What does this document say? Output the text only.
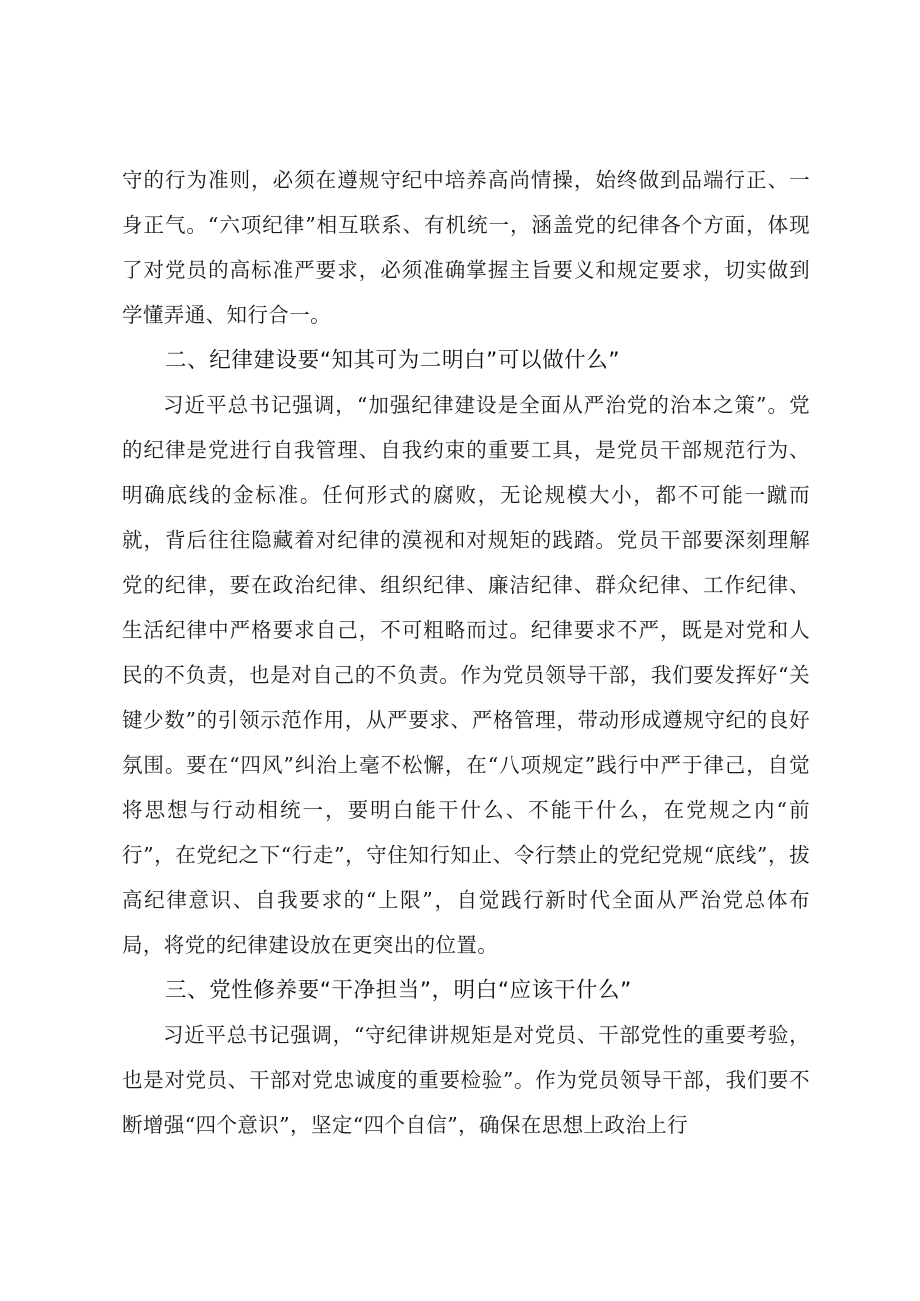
守的行为准则，必须在遵规守纪中培养高尚情操，始终做到品端行正、一身正气。“六项纪律”相互联系、有机统一，涵盖党的纪律各个方面，体现了对党员的高标准严要求，必须准确掌握主旨要义和规定要求，切实做到学懂弄通、知行合一。

二、纪律建设要“知其可为二明白”可以做什么”

习近平总书记强调，“加强纪律建设是全面从严治党的治本之策”。党的纪律是党进行自我管理、自我约束的重要工具，是党员干部规范行为、明确底线的金标准。任何形式的腐败，无论规模大小，都不可能一蹴而就，背后往往隐藏着对纪律的漠视和对规矩的践踏。党员干部要深刻理解党的纪律，要在政治纪律、组织纪律、廉洁纪律、群众纪律、工作纪律、生活纪律中严格要求自己，不可粗略而过。纪律要求不严，既是对党和人民的不负责，也是对自己的不负责。作为党员领导干部，我们要发挥好“关键少数”的引领示范作用，从严要求、严格管理，带动形成遵规守纪的良好氛围。要在“四风”纠治上毫不松懈，在“八项规定”践行中严于律己，自觉将思想与行动相统一，要明白能干什么、不能干什么，在党规之内“前行”，在党纪之下“行走”，守住知行知止、令行禁止的党纪党规“底线”，拔高纪律意识、自我要求的“上限”，自觉践行新时代全面从严治党总体布局，将党的纪律建设放在更突出的位置。

三、党性修养要“干净担当”，明白“应该干什么”

习近平总书记强调，“守纪律讲规矩是对党员、干部党性的重要考验，也是对党员、干部对党忠诚度的重要检验”。作为党员领导干部，我们要不断增强“四个意识”，坚定“四个自信”，确保在思想上政治上行
